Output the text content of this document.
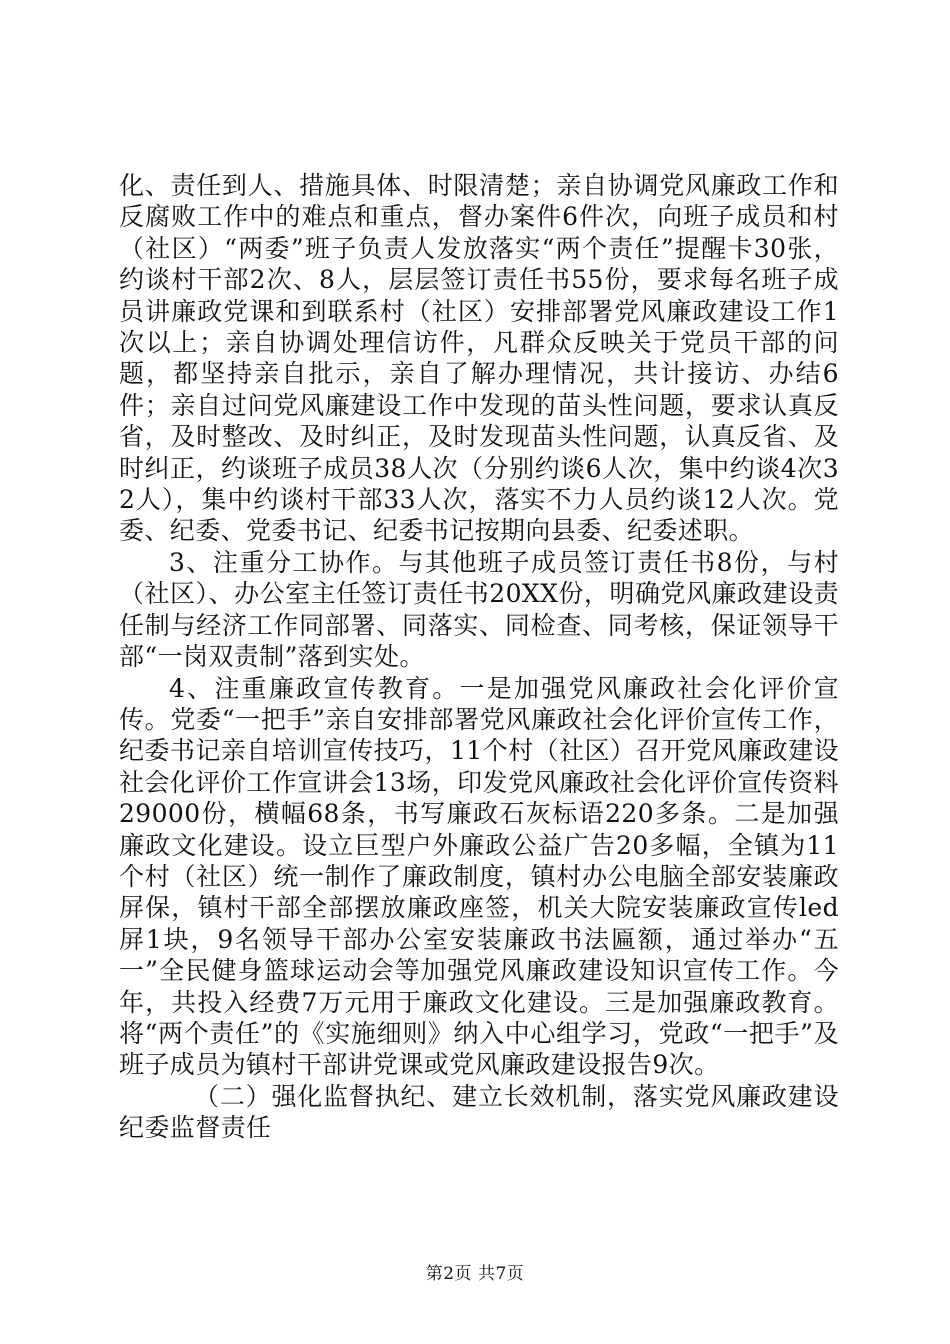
化、责任到人、措施具体、时限清楚；亲自协调党风廉政工作和反腐败工作中的难点和重点，督办案件6件次，向班子成员和村（社区）“两委”班子负责人发放落实“两个责任”提醒卡30张，约谈村干部2次、8人，层层签订责任书55份，要求每名班子成员讲廉政党课和到联系村（社区）安排部署党风廉政建设工作1次以上；亲自协调处理信访件，凡群众反映关于党员干部的问题，都坚持亲自批示，亲自了解办理情况，共计接访、办结6件；亲自过问党风廉建设工作中发现的苗头性问题，要求认真反省，及时整改、及时纠正，及时发现苗头性问题，认真反省、及时纠正，约谈班子成员38人次（分别约谈6人次，集中约谈4次32人），集中约谈村干部33人次，落实不力人员约谈12人次。党委、纪委、党委书记、纪委书记按期向县委、纪委述职。

3、注重分工协作。与其他班子成员签订责任书8份，与村（社区）、办公室主任签订责任书20XX份，明确党风廉政建设责任制与经济工作同部署、同落实、同检查、同考核，保证领导干部“一岗双责制”落到实处。

4、注重廉政宣传教育。一是加强党风廉政社会化评价宣传。党委“一把手”亲自安排部署党风廉政社会化评价宣传工作，纪委书记亲自培训宣传技巧，11个村（社区）召开党风廉政建设社会化评价工作宣讲会13场，印发党风廉政社会化评价宣传资料29000份，横幅68条，书写廉政石灰标语220多条。二是加强廉政文化建设。设立巨型户外廉政公益广告20多幅，全镇为11个村（社区）统一制作了廉政制度，镇村办公电脑全部安装廉政屏保，镇村干部全部摆放廉政座签，机关大院安装廉政宣传led屏1块，9名领导干部办公室安装廉政书法匾额，通过举办“五一”全民健身篮球运动会等加强党风廉政建设知识宣传工作。今年，共投入经费7万元用于廉政文化建设。三是加强廉政教育。将“两个责任”的《实施细则》纳入中心组学习，党政“一把手”及班子成员为镇村干部讲党课或党风廉政建设报告9次。

（二）强化监督执纪、建立长效机制，落实党风廉政建设纪委监督责任

第2页 共7页
